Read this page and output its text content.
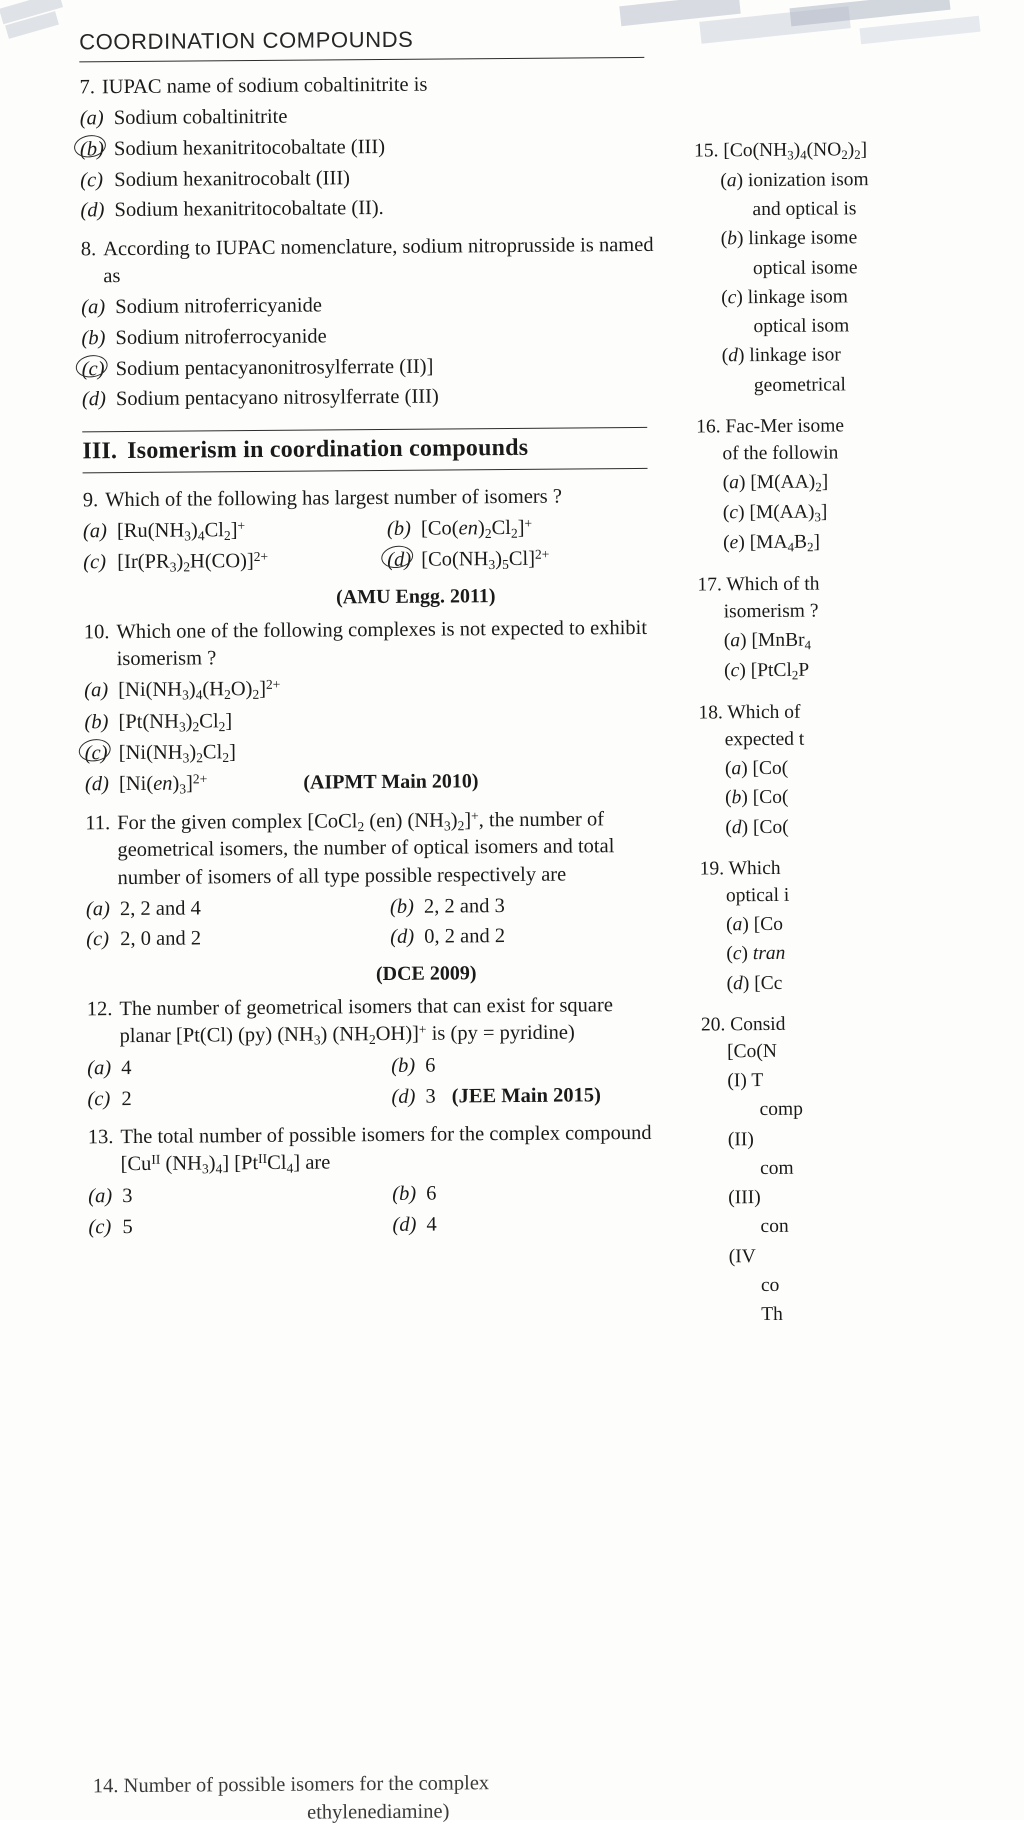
COORDINATION COMPOUNDS
7. IUPAC name of sodium cobaltinitrite is
(a) Sodium cobaltinitrite
(b) Sodium hexanitritocobaltate (III)
(c) Sodium hexanitrocobalt (III)
(d) Sodium hexanitritocobaltate (II).
8. According to IUPAC nomenclature, sodium nitroprusside is named as
(a) Sodium nitroferricyanide
(b) Sodium nitroferrocyanide
(c) Sodium pentacyanonitrosylferrate (II)]
(d) Sodium pentacyano nitrosylferrate (III)
III. Isomerism in coordination compounds
9. Which of the following has largest number of isomers ?
(a) $[Ru(NH_3)_4Cl_2]^+$	(b) $[Co(en)_2Cl_2]^+$
(c) $[Ir(PR_3)_2H(CO)]^{2+}$	(d) $[Co(NH_3)_5Cl]^{2+}$
(AMU Engg. 2011)
10. Which one of the following complexes is not expected to exhibit isomerism ?
(a) $[Ni(NH_3)_4(H_2O)_2]^{2+}$
(b) $[Pt(NH_3)_2Cl_2]$
(c) $[Ni(NH_3)_2Cl_2]$
(d) $[Ni(en)_3]^{2+}$	(AIPMT Main 2010)
11. For the given complex [CoCl$_2$ (en) $(NH_3)_2]^+$, the number of geometrical isomers, the number of optical isomers and total number of isomers of all type possible respectively are
(a) 2, 2 and 4	(b) 2, 2 and 3
(c) 2, 0 and 2	(d) 0, 2 and 2
(DCE 2009)
12. The number of geometrical isomers that can exist for square planar [Pt(Cl) (py) $(NH_3)$ $(NH_2OH)]^+$ is (py = pyridine)
(a) 4	(b) 6
(c) 2	(d) 3 (JEE Main 2015)
13. The total number of possible isomers for the complex compound [$Cu^{II}$ $(NH_3)_4$] $[Pt^{II}Cl_4]$ are
(a) 3	(b) 6
(c) 5	(d) 4
15. $[Co(NH_3)_4(NO_2)_2]$
(a) ionization isom
and optical is
(b) linkage isome
optical isome
(c) linkage isom
optical isom
(d) linkage isor
geometrical
16. Fac-Mer isome
of the followin
(a) $[M(AA)_2]$
(c) $[M(AA)_3]$
(e) $[MA_4B_2]$
17. Which of th
isomerism ?
(a) [MnBr$_4$
(c) [PtCl$_2$P
18. Which of
expected t
(a) [Co(
(b) [Co(
(d) [Co(
19. Which
optical i
(a) [Co
(c) tran
(d) [Cc
20. Consid
[Co(N
(I) T
comp
(II)
com
(III)
con
(IV
co
Th
14. Number of possible isomers for the complex
ethylenediamine)
